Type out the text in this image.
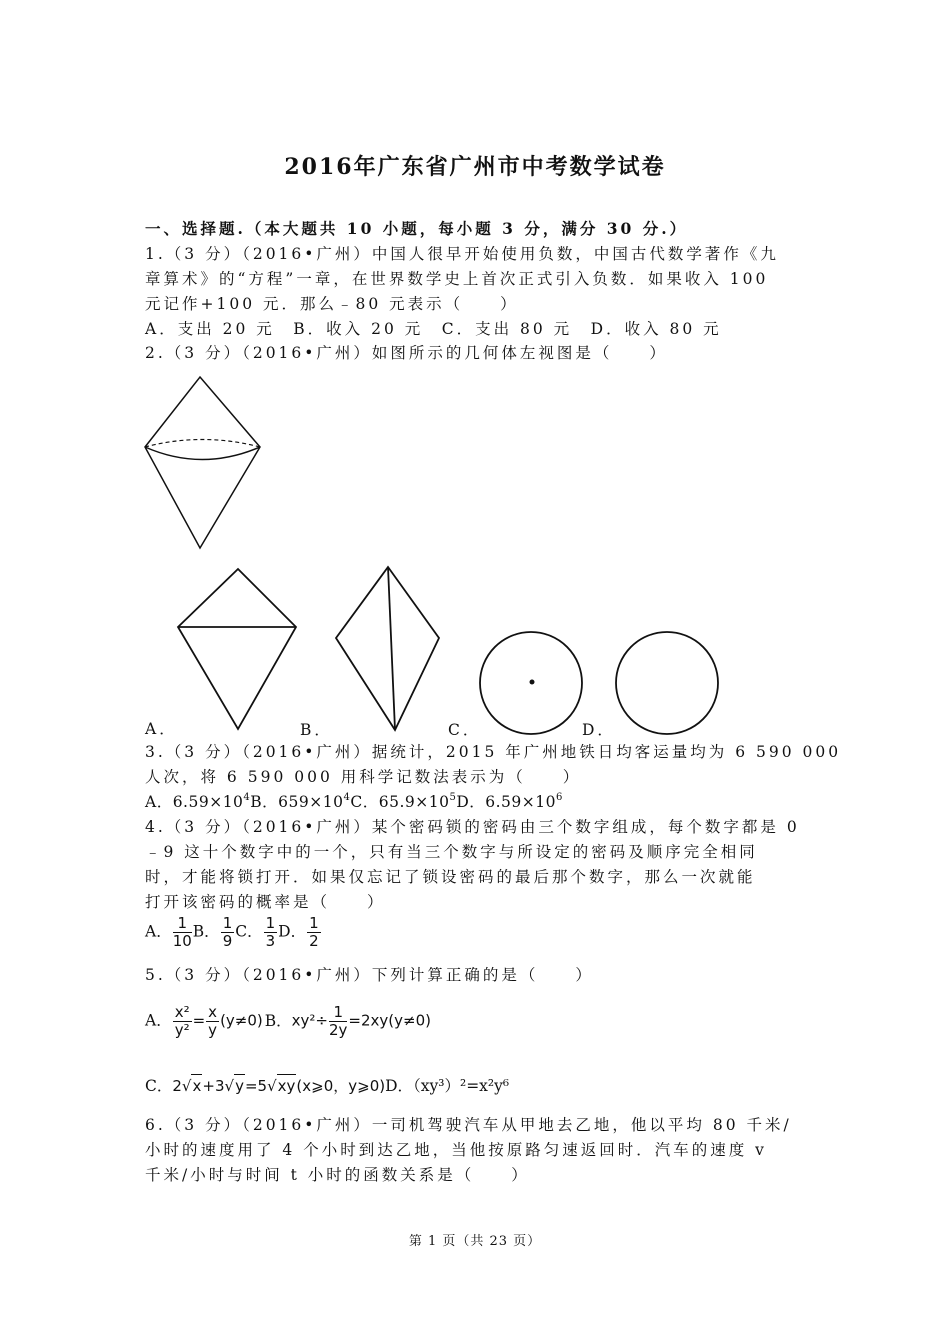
2016年广东省广州市中考数学试卷
一、选择题.（本大题共 10 小题，每小题 3 分，满分 30 分.）
1.（3 分）（2016•广州）中国人很早开始使用负数，中国古代数学著作《九
章算术》的“方程”一章，在世界数学史上首次正式引入负数．如果收入 100
元记作+100 元．那么﹣80 元表示（　　）
A．支出 20 元　B．收入 20 元　C．支出 80 元　D．收入 80 元
2.（3 分）（2016•广州）如图所示的几何体左视图是（　　）
A．	B．	C．	D．
3.（3 分）（2016•广州）据统计，2015 年广州地铁日均客运量均为 6 590 000
人次，将 6 590 000 用科学记数法表示为（　　）
A．$6.59\times 10^4B$．$659\times 10^4C$．$65.9\times 10^5D$．$6.59\times 10^6$
4.（3 分）（2016•广州）某个密码锁的密码由三个数字组成，每个数字都是 0
﹣9 这十个数字中的一个，只有当三个数字与所设定的密码及顺序完全相同
时，才能将锁打开．如果仅忘记了锁设密码的最后那个数字，那么一次就能
打开该密码的概率是（　　）
A． $\frac{1}{10}$ B． $\frac{1}{9}$ C． $\frac{1}{3}$ D． $\frac{1}{2}$
5.（3 分）（2016•广州）下列计算正确的是（　　）
A． $\frac{\text{x²}}{\text{y²}} = \frac{x}{y} (y\ne 0)$ B．$xy^2\div \frac{1}{2y} =2xy(y\ne 0)$
C．2√x+3√y=5√xy(x⩾0，y⩾0)D．（xy³）²=x²y⁶
6.（3 分）（2016•广州）一司机驾驶汽车从甲地去乙地，他以平均 80 千米/
小时的速度用了 4 个小时到达乙地，当他按原路匀速返回时．汽车的速度 v
千米/小时与时间 t 小时的函数关系是（　　）
第 1 页（共 23 页）
